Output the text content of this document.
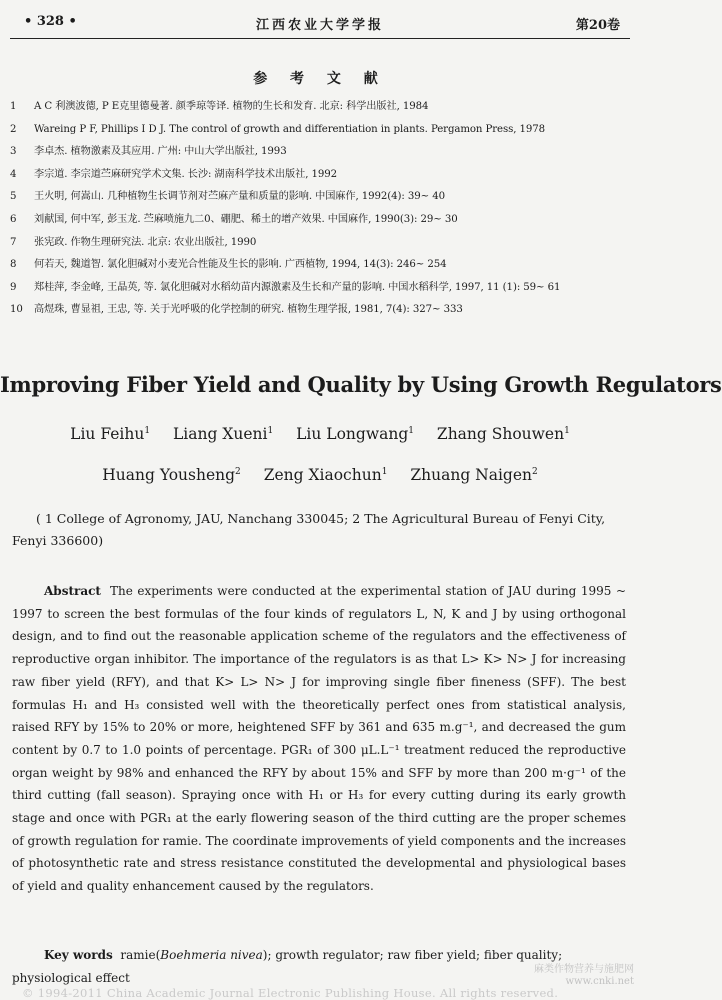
• 328 •	江西农业大学学报	第20卷
参 考 文 献
1 A C 利澳波德, P E克里德曼著. 颜季琼等译. 植物的生长和发育. 北京: 科学出版社, 1984
2 Wareing P F, Phillips I D J. The control of growth and differentiation in plants. Pergamon Press, 1978
3 李卓杰. 植物激素及其应用. 广州: 中山大学出版社, 1993
4 李宗道. 李宗道苎麻研究学术文集. 长沙: 湖南科学技术出版社, 1992
5 王火明, 何嵩山. 几种植物生长调节剂对苎麻产量和质量的影响. 中国麻作, 1992(4): 39~ 40
6 刘献国, 何中军, 彭玉龙. 苎麻喷施九二0、硼肥、稀土的增产效果. 中国麻作, 1990(3): 29~ 30
7 张宪政. 作物生理研究法. 北京: 农业出版社, 1990
8 何若天, 魏道智. 氯化胆碱对小麦光合性能及生长的影响. 广西植物, 1994, 14(3): 246~ 254
9 郑桂萍, 李金峰, 王晶英, 等. 氯化胆碱对水稻幼苗内源激素及生长和产量的影响. 中国水稻科学, 1997, 11 (1): 59~ 61
10 高煜珠, 曹显祖, 王忠, 等. 关于光呼吸的化学控制的研究. 植物生理学报, 1981, 7(4): 327~ 333
Improving Fiber Yield and Quality by Using Growth Regulators
Liu Feihu$^1$ Liang Xueni$^1$ Liu Longwang$^1$ Zhang Shouwen$^1$
Huang Yousheng$^2$ Zeng Xiaochun$^1$ Zhuang Naigen$^2$
( 1 College of Agronomy, JAU, Nanchang 330045; 2 The Agricultural Bureau of Fenyi City, Fenyi 336600)

Abstract The experiments were conducted at the experimental station of JAU during 1995 ~ 1997 to screen the best formulas of the four kinds of regulators L, N, K and J by using orthogonal design, and to find out the reasonable application scheme of the regulators and the effectiveness of reproductive organ inhibitor. The importance of the regulators is as that L> K> N> J for increasing raw fiber yield (RFY), and that K> L> N> J for improving single fiber fineness (SFF). The best formulas H₁ and H₃ consisted well with the theoretically perfect ones from statistical analysis, raised RFY by 15% to 20% or more, heightened SFF by 361 and 635 m.g⁻¹, and decreased the gum content by 0.7 to 1.0 points of percentage. PGR₁ of 300 μL.L⁻¹ treatment reduced the reproductive organ weight by 98% and enhanced the RFY by about 15% and SFF by more than 200 m·g⁻¹ of the third cutting (fall season). Spraying once with H₁ or H₃ for every cutting during its early growth stage and once with PGR₁ at the early flowering season of the third cutting are the proper schemes of growth regulation for ramie. The coordinate improvements of yield components and the increases of photosynthetic rate and stress resistance constituted the developmental and physiological bases of yield and quality enhancement caused by the regulators.

Key words ramie(Boehmeria nivea); growth regulator; raw fiber yield; fiber quality; physiological effect

© 1994-2011 China Academic Journal Electronic Publishing House. All rights reserved.
麻类作物营养与施肥网
www.cnki.net
